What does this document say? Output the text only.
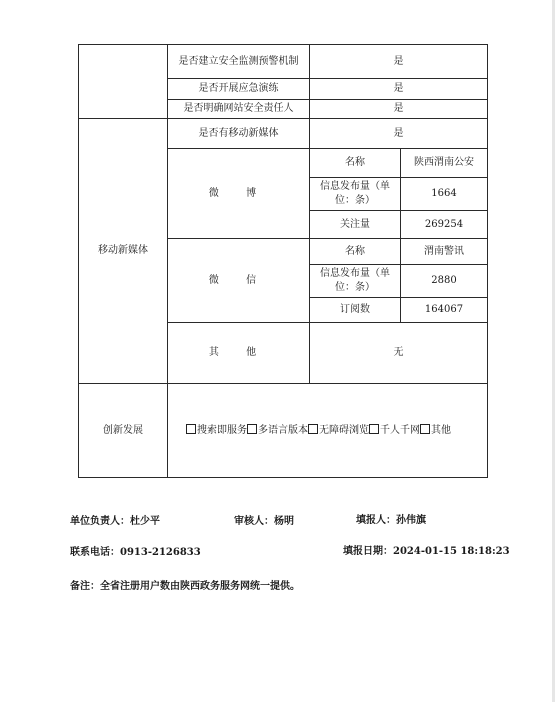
	是否建立安全监测预警机制	是	
	是否开展应急演练	是	
	是否明确网站安全责任人	是	
移动新媒体	是否有移动新媒体	是	
	微 博	名称	陕西渭南公安
		信息发布量（单位：条）	1664
		关注量	269254
	微 信	名称	渭南警讯
		信息发布量（单位：条）	2880
		订阅数	164067
	其 他	无	
创新发展	搜索即服务 多语言版本 无障碍浏览 千人千网 其他		
单位负责人：杜少平	审核人：杨明	填报人：孙伟旗
联系电话：0913-2126833	填报日期：2024-01-15 18:18:23
备注：全省注册用户数由陕西政务服务网统一提供。
